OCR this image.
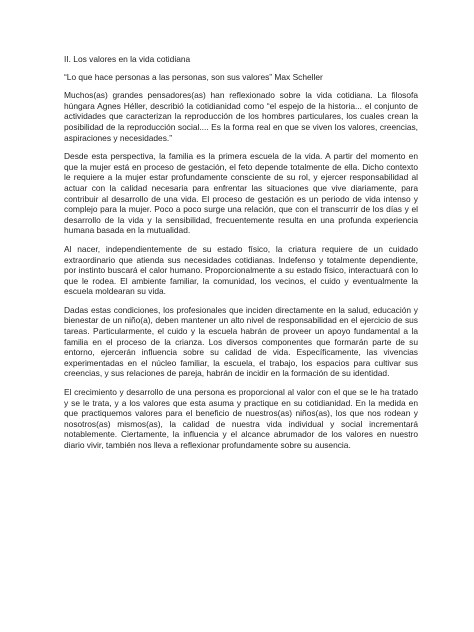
II. Los valores en la vida cotidiana
“Lo que hace personas a las personas, son sus valores” Max Scheller

Muchos(as) grandes pensadores(as) han reflexionado sobre la vida cotidiana. La filosofa húngara Agnes Héller, describió la cotidianidad como “el espejo de la historia... el conjunto de actividades que caracterizan la reproducción de los hombres particulares, los cuales crean la posibilidad de la reproducción social.... Es la forma real en que se viven los valores, creencias, aspiraciones y necesidades.”

Desde esta perspectiva, la familia es la primera escuela de la vida. A partir del momento en que la mujer está en proceso de gestación, el feto depende totalmente de ella. Dicho contexto le requiere a la mujer estar profundamente consciente de su rol, y ejercer responsabilidad al actuar con la calidad necesaria para enfrentar las situaciones que vive diariamente, para contribuir al desarrollo de una vida. El proceso de gestación es un periodo de vida intenso y complejo para la mujer. Poco a poco surge una relación, que con el transcurrir de los días y el desarrollo de la vida y la sensibilidad, frecuentemente resulta en una profunda experiencia humana basada en la mutualidad.

Al nacer, independientemente de su estado físico, la criatura requiere de un cuidado extraordinario que atienda sus necesidades cotidianas. Indefenso y totalmente dependiente, por instinto buscará el calor humano. Proporcionalmente a su estado físico, interactuará con lo que le rodea. El ambiente familiar, la comunidad, los vecinos, el cuido y eventualmente la escuela moldearan su vida.

Dadas estas condiciones, los profesionales que inciden directamente en la salud, educación y bienestar de un niño(a), deben mantener un alto nivel de responsabilidad en el ejercicio de sus tareas. Particularmente, el cuido y la escuela habrán de proveer un apoyo fundamental a la familia en el proceso de la crianza. Los diversos componentes que formarán parte de su entorno, ejercerán influencia sobre su calidad de vida. Específicamente, las vivencias experimentadas en el núcleo familiar, la escuela, el trabajo, los espacios para cultivar sus creencias, y sus relaciones de pareja, habrán de incidir en la formación de su identidad.

El crecimiento y desarrollo de una persona es proporcional al valor con el que se le ha tratado y se le trata, y a los valores que esta asuma y practique en su cotidianidad. En la medida en que practiquemos valores para el beneficio de nuestros(as) niños(as), los que nos rodean y nosotros(as) mismos(as), la calidad de nuestra vida individual y social incrementará notablemente. Ciertamente, la influencia y el alcance abrumador de los valores en nuestro diario vivir, también nos lleva a reflexionar profundamente sobre su ausencia.
